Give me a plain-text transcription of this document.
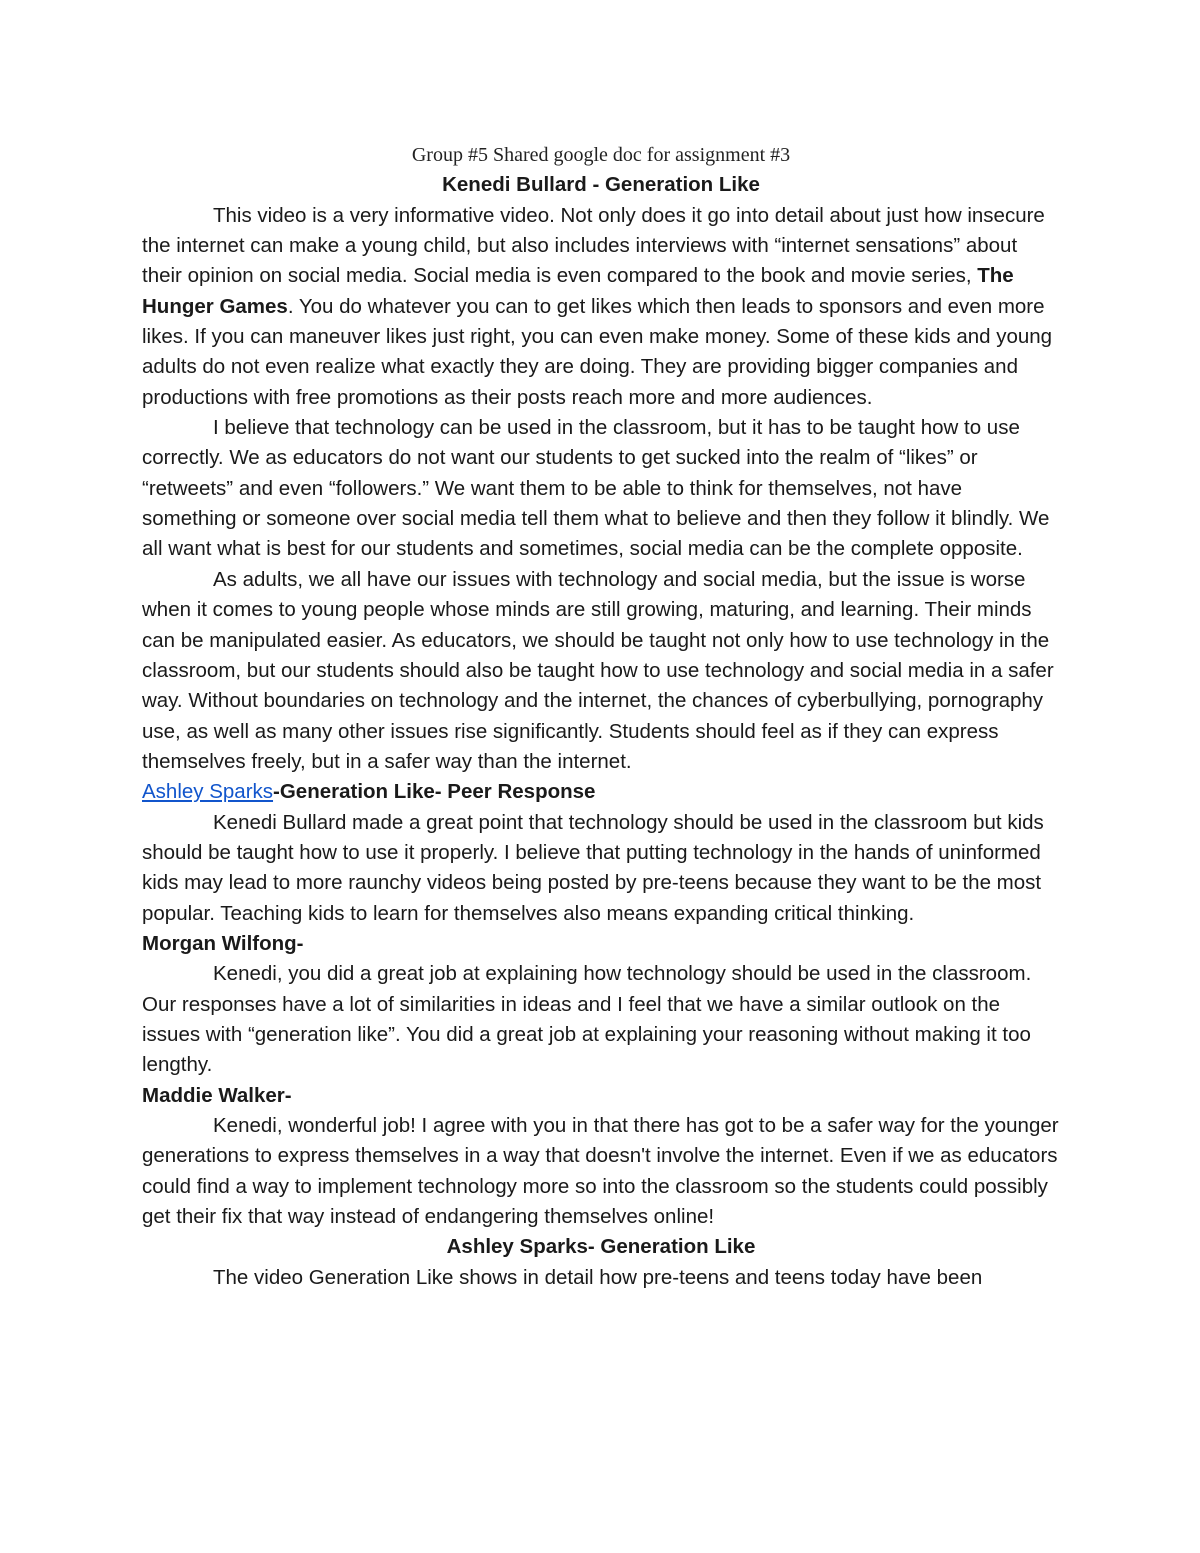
Group #5 Shared google doc for assignment #3

Kenedi Bullard - Generation Like

This video is a very informative video. Not only does it go into detail about just how insecure the internet can make a young child, but also includes interviews with “internet sensations” about their opinion on social media. Social media is even compared to the book and movie series, The Hunger Games. You do whatever you can to get likes which then leads to sponsors and even more likes. If you can maneuver likes just right, you can even make money. Some of these kids and young adults do not even realize what exactly they are doing. They are providing bigger companies and productions with free promotions as their posts reach more and more audiences.

I believe that technology can be used in the classroom, but it has to be taught how to use correctly. We as educators do not want our students to get sucked into the realm of “likes” or “retweets” and even “followers.” We want them to be able to think for themselves, not have something or someone over social media tell them what to believe and then they follow it blindly. We all want what is best for our students and sometimes, social media can be the complete opposite.

As adults, we all have our issues with technology and social media, but the issue is worse when it comes to young people whose minds are still growing, maturing, and learning. Their minds can be manipulated easier. As educators, we should be taught not only how to use technology in the classroom, but our students should also be taught how to use technology and social media in a safer way. Without boundaries on technology and the internet, the chances of cyberbullying, pornography use, as well as many other issues rise significantly. Students should feel as if they can express themselves freely, but in a safer way than the internet.

Ashley Sparks-Generation Like- Peer Response

Kenedi Bullard made a great point that technology should be used in the classroom but kids should be taught how to use it properly. I believe that putting technology in the hands of uninformed kids may lead to more raunchy videos being posted by pre-teens because they want to be the most popular. Teaching kids to learn for themselves also means expanding critical thinking.

Morgan Wilfong-

Kenedi, you did a great job at explaining how technology should be used in the classroom. Our responses have a lot of similarities in ideas and I feel that we have a similar outlook on the issues with “generation like”. You did a great job at explaining your reasoning without making it too lengthy.

Maddie Walker-

Kenedi, wonderful job! I agree with you in that there has got to be a safer way for the younger generations to express themselves in a way that doesn't involve the internet. Even if we as educators could find a way to implement technology more so into the classroom so the students could possibly get their fix that way instead of endangering themselves online!

Ashley Sparks- Generation Like

The video Generation Like shows in detail how pre-teens and teens today have been
